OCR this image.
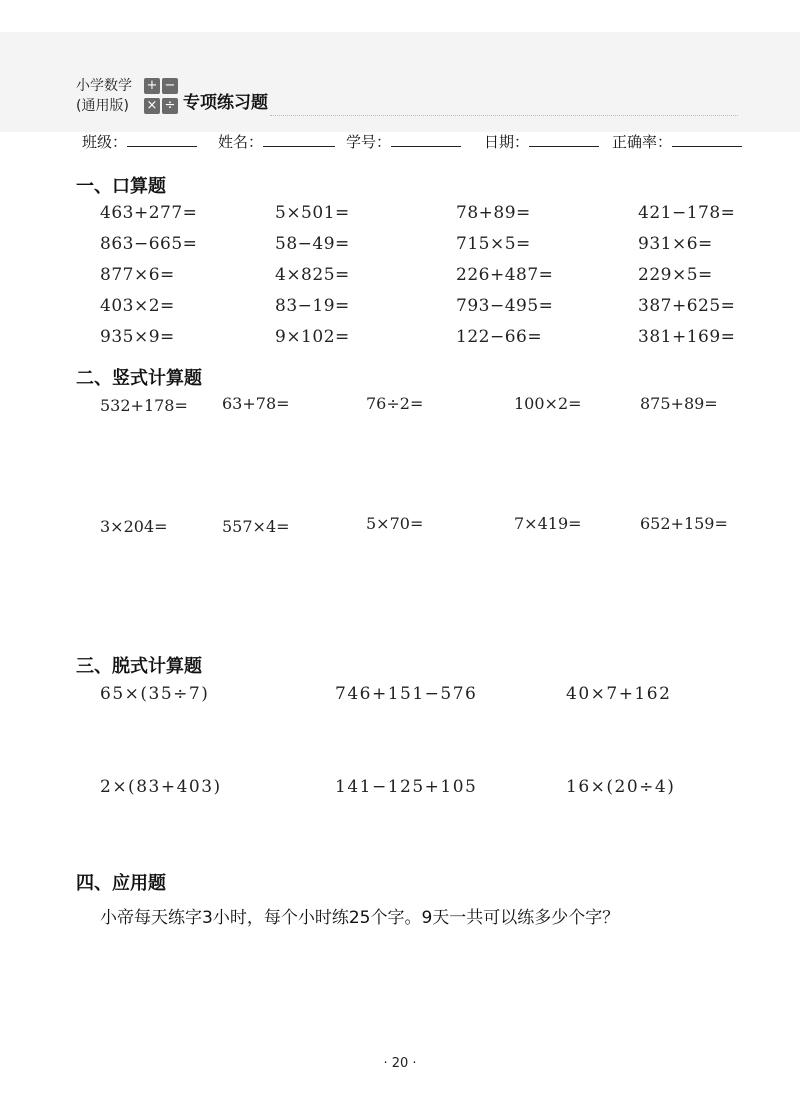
小学数学
(通用版)
+ −
× ÷ 专项练习题
班级：	姓名：	学号：	日期：	正确率：
一、口算题
463+277=	5×501=	78+89=	421−178=
863−665=	58−49=	715×5=	931×6=
877×6=	4×825=	226+487=	229×5=
403×2=	83−19=	793−495=	387+625=
935×9=	9×102=	122−66=	381+169=
二、竖式计算题
532+178= 63+78=	76÷2=	100×2=	875+89=
3×204=	557×4=	5×70=	7×419=	652+159=
三、脱式计算题
65×(35÷7)	746+151−576	40×7+162
2×(83+403)	141−125+105	16×(20÷4)
四、应用题
小帝每天练字3小时，每个小时练25个字。9天一共可以练多少个字？
· 20 ·
